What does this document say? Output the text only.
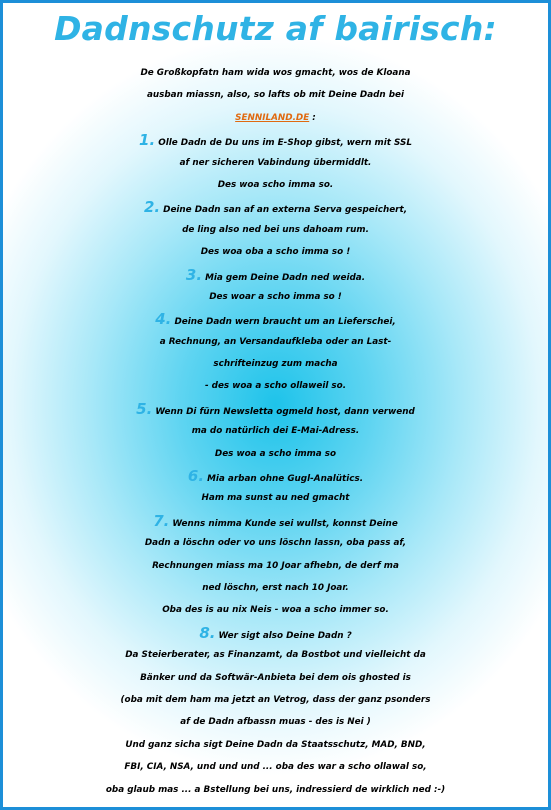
Dadnschutz af bairisch:
De Großkopfatn ham wida wos gmacht, wos de Kloana
ausban miassn, also, so lafts ob mit Deine Dadn bei
SENNILAND.DE :
1. Olle Dadn de Du uns im E-Shop gibst, wern mit SSL
af ner sicheren Vabindung übermiddlt.
Des woa scho imma so.
2. Deine Dadn san af an externa Serva gespeichert,
de ling also ned bei uns dahoam rum.
Des woa oba a scho imma so !
3. Mia gem Deine Dadn ned weida.
Des woar a scho imma so !
4. Deine Dadn wern braucht um an Lieferschei,
a Rechnung, an Versandaufkleba oder an Last-
schrifteinzug zum macha
- des woa a scho ollaweil so.
5. Wenn Di fürn Newsletta ogmeld host, dann verwend
ma do natürlich dei E-Mai-Adress.
Des woa a scho imma so
6. Mia arban ohne Gugl-Analütics.
Ham ma sunst au ned gmacht
7. Wenns nimma Kunde sei wullst, konnst Deine
Dadn a löschn oder vo uns löschn lassn, oba pass af,
Rechnungen miass ma 10 Joar afhebn, de derf ma
ned löschn, erst nach 10 Joar.
Oba des is au nix Neis - woa a scho immer so.
8. Wer sigt also Deine Dadn ?
Da Steierberater, as Finanzamt, da Bostbot und vielleicht da
Bänker und da Softwär-Anbieta bei dem ois ghosted is
(oba mit dem ham ma jetzt an Vetrog, dass der ganz psonders
af de Dadn afbassn muas - des is Nei )
Und ganz sicha sigt Deine Dadn da Staatsschutz, MAD, BND,
FBI, CIA, NSA, und und und ... oba des war a scho ollawal so,
oba glaub mas ... a Bstellung bei uns, indressierd de wirklich ned :-)
